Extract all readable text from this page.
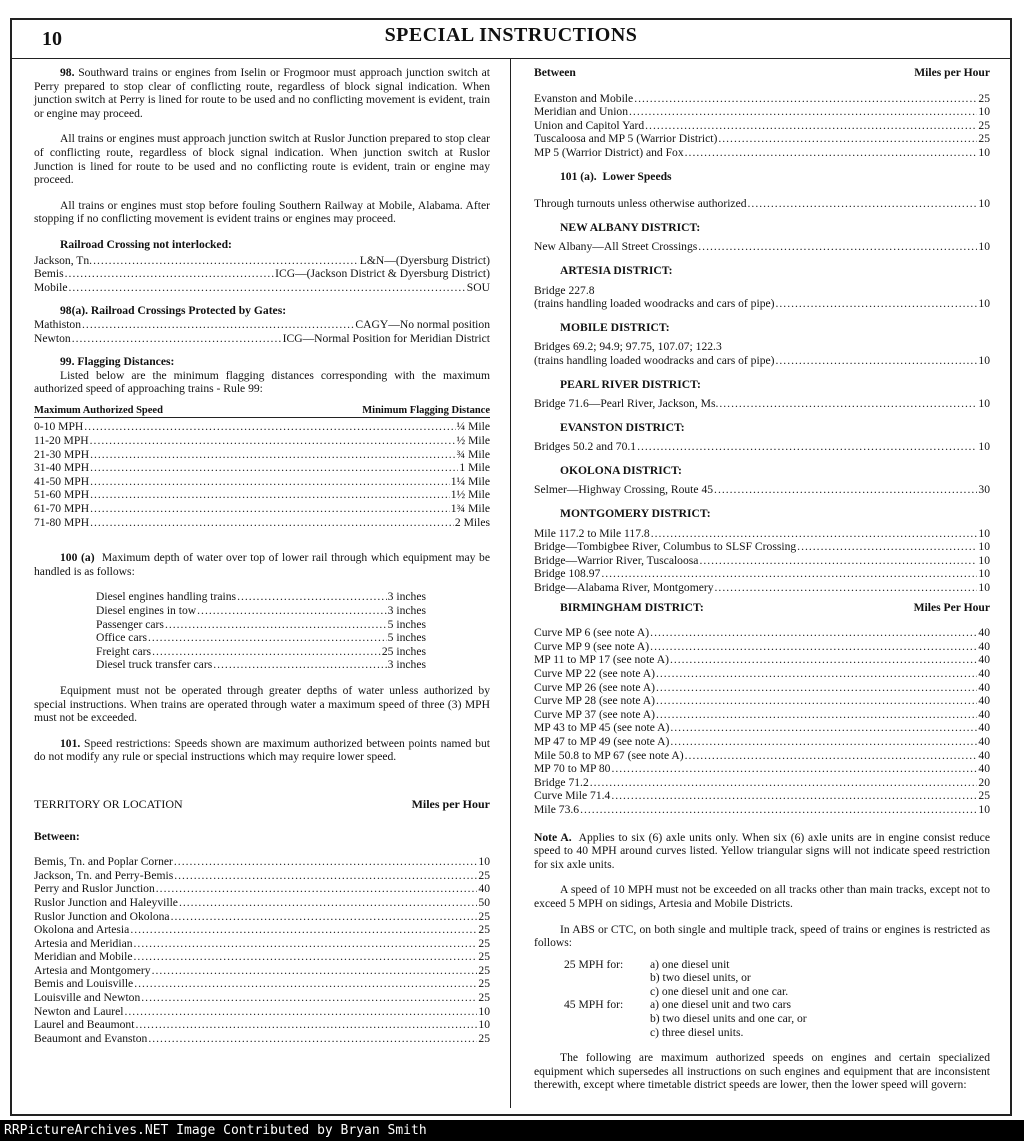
10	SPECIAL INSTRUCTIONS

98. Southward trains or engines from Iselin or Frogmoor must approach junction switch at Perry prepared to stop clear of conflicting route, regardless of block signal indication. When junction switch at Perry is lined for route to be used and no conflicting movement is evident, train or engine may proceed.

All trains or engines must approach junction switch at Ruslor Junction prepared to stop clear of conflicting route, regardless of block signal indication. When junction switch at Ruslor Junction is lined for route to be used and no conflicting route is evident, train or engine may proceed.

All trains or engines must stop before fouling Southern Railway at Mobile, Alabama. After stopping if no conflicting movement is evident trains or engines may proceed.

Railroad Crossing not interlocked:
Jackson, Tn. .....	L&N—(Dyersburg District)
Bemis .....	ICG—(Jackson District & Dyersburg District)
Mobile .....	SOU
98(a). Railroad Crossings Protected by Gates:
Mathiston .....	CAGY—No normal position
Newton .....	ICG—Normal Position for Meridian District
99. Flagging Distances:

Listed below are the minimum flagging distances corresponding with the maximum authorized speed of approaching trains - Rule 99:

Maximum Authorized Speed	Minimum Flagging Distance
0-10 MPH .....	¼ Mile
11-20 MPH .....	½ Mile
21-30 MPH .....	¾ Mile
31-40 MPH .....	1 Mile
41-50 MPH .....	1¼ Mile
51-60 MPH .....	1½ Mile
61-70 MPH .....	1¾ Mile
71-80 MPH .....	2 Miles

100 (a) Maximum depth of water over top of lower rail through which equipment may be handled is as follows:

Diesel engines handling trains .....	3 inches
Diesel engines in tow .....	3 inches
Passenger cars .....	5 inches
Office cars .....	5 inches
Freight cars .....	25 inches
Diesel truck transfer cars .....	3 inches

Equipment must not be operated through greater depths of water unless authorized by special instructions. When trains are operated through water a maximum speed of three (3) MPH must not be exceeded.

101. Speed restrictions: Speeds shown are maximum authorized between points named but do not modify any rule or special instructions which may require lower speed.

TERRITORY OR LOCATION	Miles per Hour
Between:
Bemis, Tn. and Poplar Corner .....	10
Jackson, Tn. and Perry-Bemis .....	25
Perry and Ruslor Junction .....	40
Ruslor Junction and Haleyville .....	50
Ruslor Junction and Okolona .....	25
Okolona and Artesia .....	25
Artesia and Meridian .....	25
Meridian and Mobile .....	25
Artesia and Montgomery .....	25
Bemis and Louisville .....	25
Louisville and Newton .....	25
Newton and Laurel .....	10
Laurel and Beaumont .....	10
Beaumont and Evanston .....	25
Between	Miles per Hour
Evanston and Mobile .....	25
Meridian and Union .....	10
Union and Capitol Yard .....	25
Tuscaloosa and MP 5 (Warrior District) .....	25
MP 5 (Warrior District) and Fox .....	10
101 (a). Lower Speeds
Through turnouts unless otherwise authorized .....	10
NEW ALBANY DISTRICT:
New Albany—All Street Crossings .....	10
ARTESIA DISTRICT:
Bridge 227.8
(trains handling loaded woodracks and cars of pipe) .....	10
MOBILE DISTRICT:
Bridges 69.2; 94.9; 97.75, 107.07; 122.3
(trains handling loaded woodracks and cars of pipe) .....	10
PEARL RIVER DISTRICT:
Bridge 71.6—Pearl River, Jackson, Ms. .....	10
EVANSTON DISTRICT:
Bridges 50.2 and 70.1 .....	10
OKOLONA DISTRICT:
Selmer—Highway Crossing, Route 45 .....	30
MONTGOMERY DISTRICT:
Mile 117.2 to Mile 117.8 .....	10
Bridge—Tombigbee River, Columbus to SLSF Crossing .....	10
Bridge—Warrior River, Tuscaloosa .....	10
Bridge 108.97 .....	10
Bridge—Alabama River, Montgomery .....	10
BIRMINGHAM DISTRICT:	Miles Per Hour
Curve MP 6 (see note A) .....	40
Curve MP 9 (see note A) .....	40
MP 11 to MP 17 (see note A) .....	40
Curve MP 22 (see note A) .....	40
Curve MP 26 (see note A) .....	40
Curve MP 28 (see note A) .....	40
Curve MP 37 (see note A) .....	40
MP 43 to MP 45 (see note A) .....	40
MP 47 to MP 49 (see note A) .....	40
Mile 50.8 to MP 67 (see note A) .....	40
MP 70 to MP 80 .....	40
Bridge 71.2 .....	20
Curve Mile 71.4 .....	25
Mile 73.6 .....	10

Note A. Applies to six (6) axle units only. When six (6) axle units are in engine consist reduce speed to 40 MPH around curves listed. Yellow triangular signs will not indicate speed restriction for six axle units.

A speed of 10 MPH must not be exceeded on all tracks other than main tracks, except not to exceed 5 MPH on sidings, Artesia and Mobile Districts.

In ABS or CTC, on both single and multiple track, speed of trains or engines is restricted as follows:

25 MPH for:	a) one diesel unit
b) two diesel units, or
c) one diesel unit and one car.
45 MPH for:	a) one diesel unit and two cars
b) two diesel units and one car, or
c) three diesel units.

The following are maximum authorized speeds on engines and certain specialized equipment which supersedes all instructions on such engines and equipment that are inconsistent therewith, except where timetable district speeds are lower, then the lower speed will govern:

RRPictureArchives.NET Image Contributed by Bryan Smith
